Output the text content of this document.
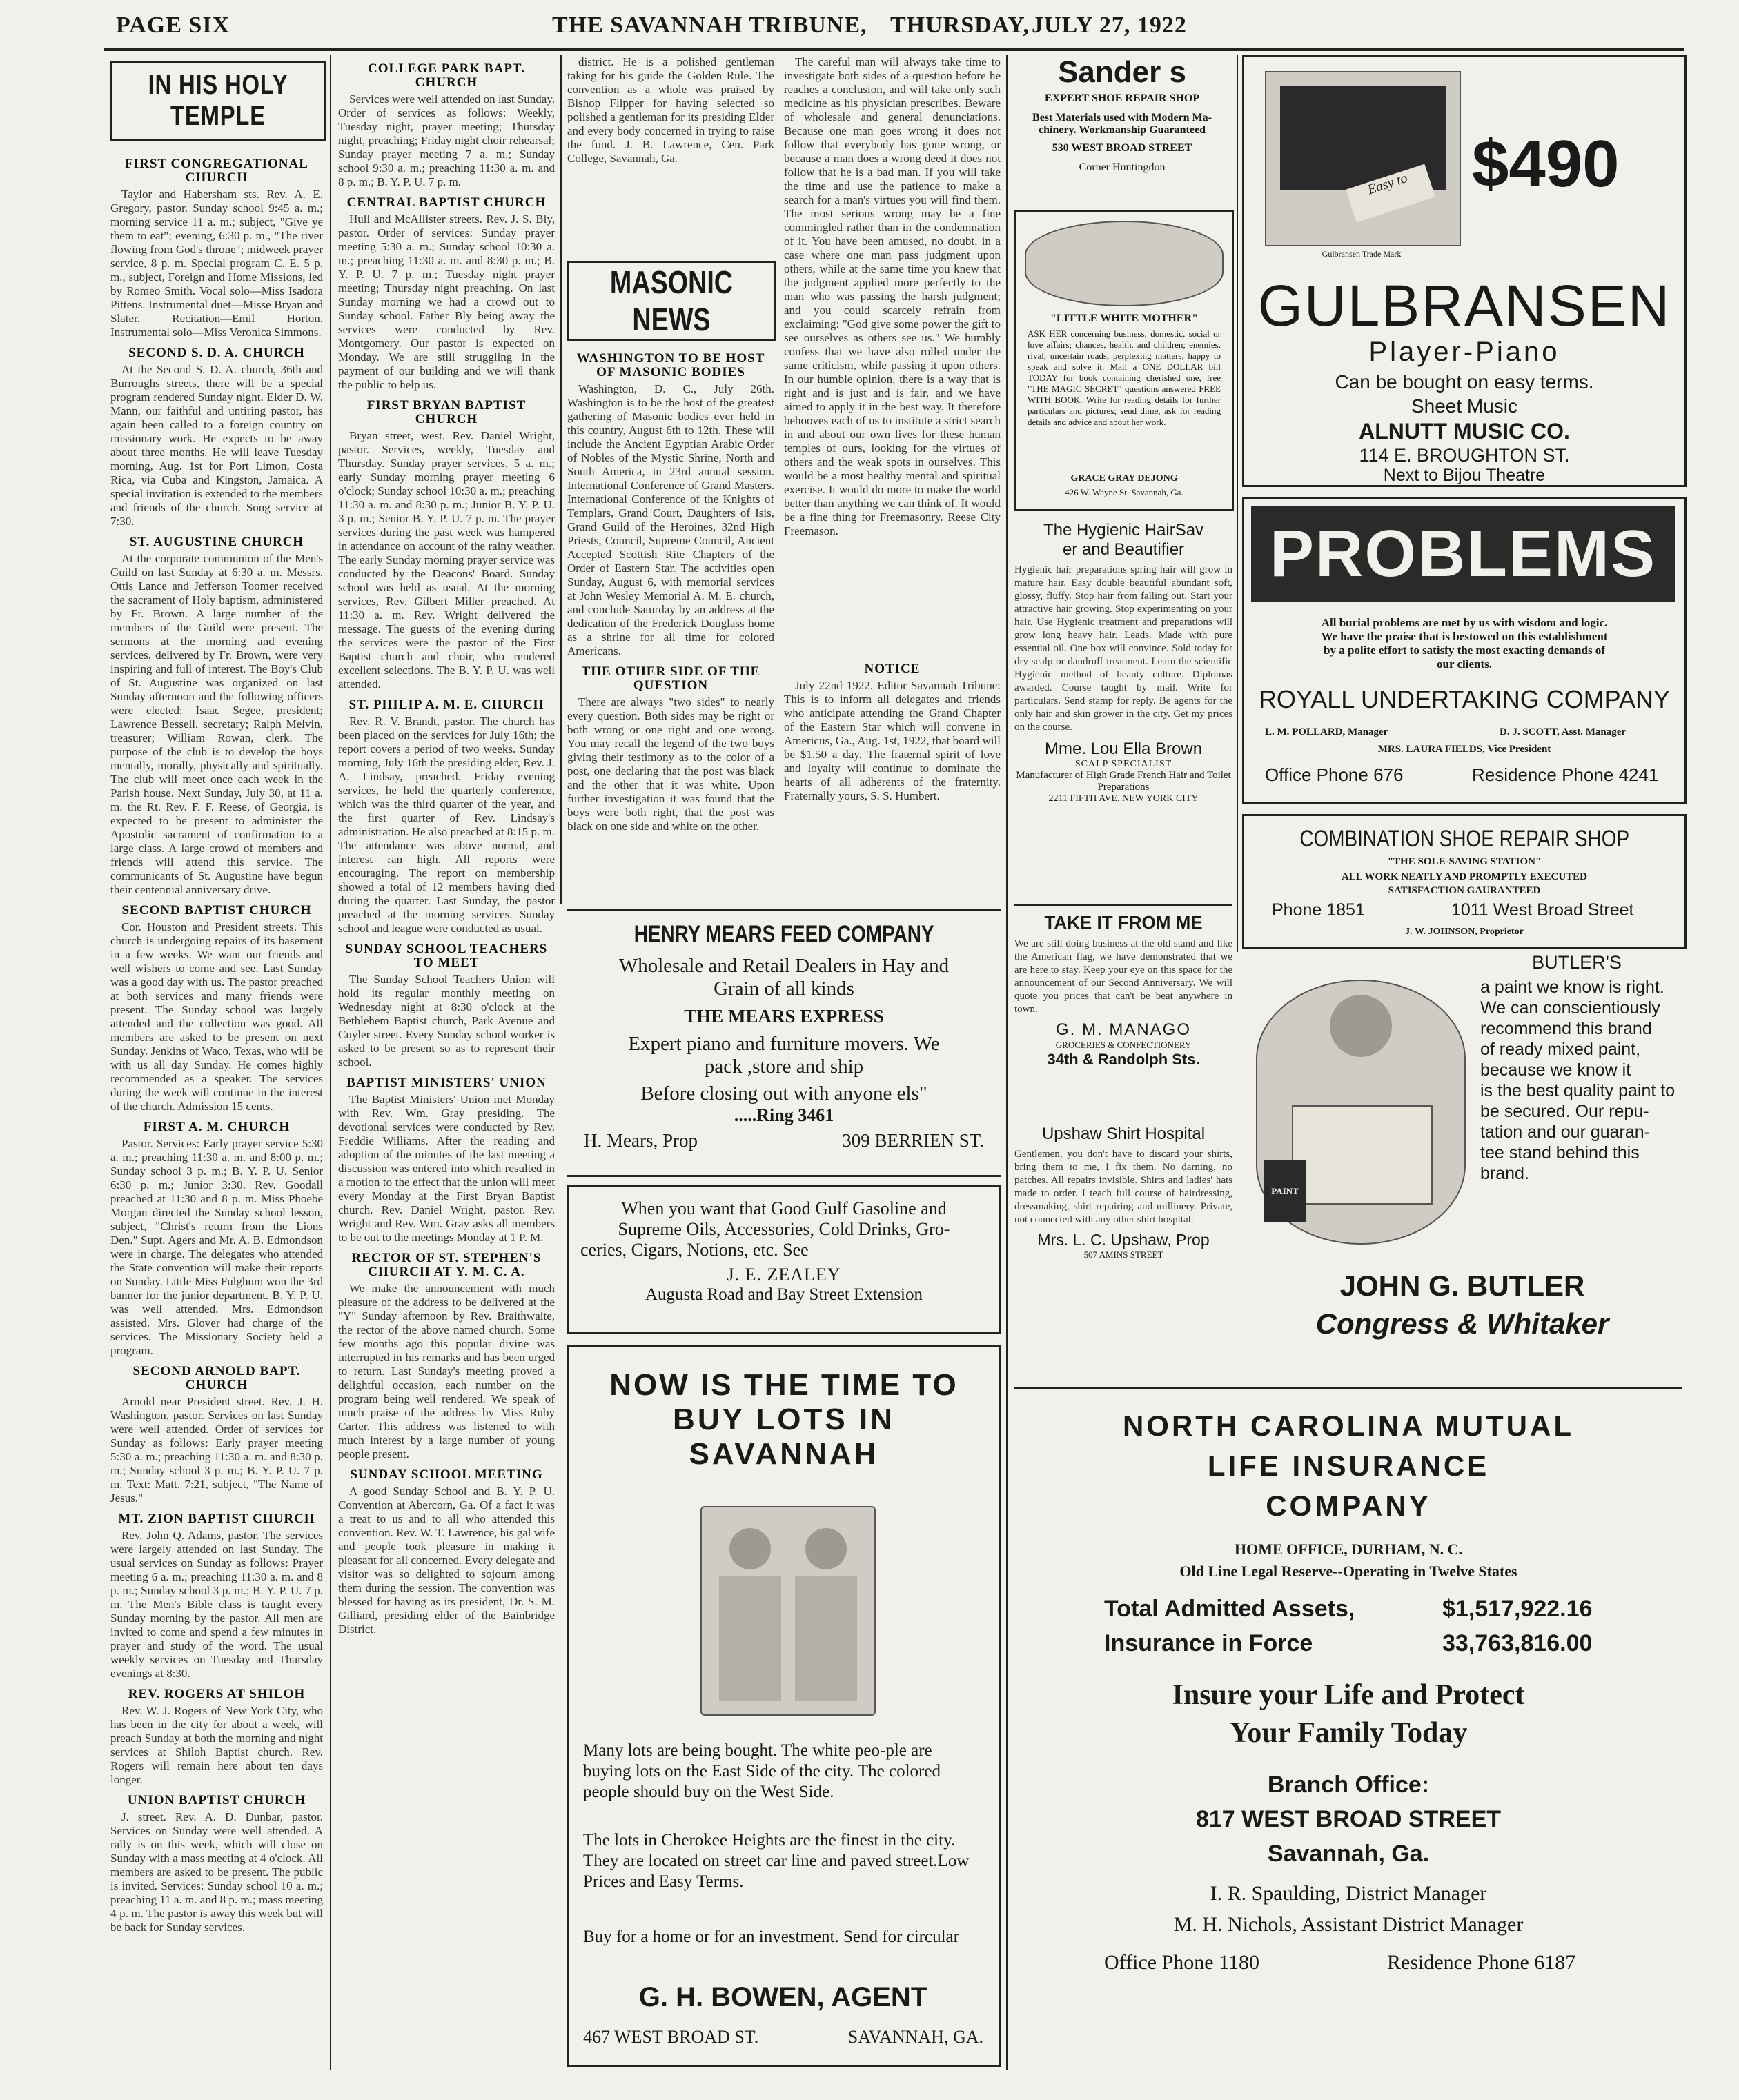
PAGE SIX	THE SAVANNAH TRIBUNE, THURSDAY, JULY 27, 1922
IN HIS HOLY TEMPLE
FIRST CONGREGATIONAL CHURCH

Taylor and Habersham sts. Rev. A. E. Gregory, pastor. Sunday school 9:45 a. m.; morning service 11 a. m.; subject, "Give ye them to eat"; evening, 6:30 p. m., "The river flowing from God's throne"; midweek prayer service, 8 p. m. Special program C. E. 5 p. m., subject, Foreign and Home Missions, led by Romeo Smith. Vocal solo—Miss Isadora Pittens. Instrumental duet—Misse Bryan and Slater. Recitation—Emil Horton. Instrumental solo—Miss Veronica Simmons.

SECOND S. D. A. CHURCH

At the Second S. D. A. church, 36th and Burroughs streets, there will be a special program rendered Sunday night. Elder D. W. Mann, our faithful and untiring pastor, has again been called to a foreign country on missionary work. He expects to be away about three months. He will leave Tuesday morning, Aug. 1st for Port Limon, Costa Rica, via Cuba and Kingston, Jamaica. A special invitation is extended to the members and friends of the church. Song service at 7:30.

ST. AUGUSTINE CHURCH

At the corporate communion of the Men's Guild on last Sunday at 6:30 a. m. Messrs. Ottis Lance and Jefferson Toomer received the sacrament of Holy baptism, administered by Fr. Brown. A large number of the members of the Guild were present. The sermons at the morning and evening services, delivered by Fr. Brown, were very inspiring and full of interest. The Boy's Club of St. Augustine was organized on last Sunday afternoon and the following officers were elected: Isaac Segee, president; Lawrence Bessell, secretary; Ralph Melvin, treasurer; William Rowan, clerk. The purpose of the club is to develop the boys mentally, morally, physically and spiritually. The club will meet once each week in the Parish house. Next Sunday, July 30, at 11 a. m. the Rt. Rev. F. F. Reese, of Georgia, is expected to be present to administer the Apostolic sacrament of confirmation to a large class. A large crowd of members and friends will attend this service. The communicants of St. Augustine have begun their centennial anniversary drive.

SECOND BAPTIST CHURCH

Cor. Houston and President streets. This church is undergoing repairs of its basement in a few weeks. We want our friends and well wishers to come and see. Last Sunday was a good day with us. The pastor preached at both services and many friends were present. The Sunday school was largely attended and the collection was good. All members are asked to be present on next Sunday. Jenkins of Waco, Texas, who will be with us all day Sunday. He comes highly recommended as a speaker. The services during the week will continue in the interest of the church. Admission 15 cents.

FIRST A. M. CHURCH

Pastor. Services: Early prayer service 5:30 a. m.; preaching 11:30 a. m. and 8:00 p. m.; Sunday school 3 p. m.; B. Y. P. U. Senior 6:30 p. m.; Junior 3:30. Rev. Goodall preached at 11:30 and 8 p. m. Miss Phoebe Morgan directed the Sunday school lesson, subject, "Christ's return from the Lions Den." Supt. Agers and Mr. A. B. Edmondson were in charge. The delegates who attended the State convention will make their reports on Sunday. Little Miss Fulghum won the 3rd banner for the junior department. B. Y. P. U. was well attended. Mrs. Edmondson assisted. Mrs. Glover had charge of the services. The Missionary Society held a program.

SECOND ARNOLD BAPT. CHURCH

Arnold near President street. Rev. J. H. Washington, pastor. Services on last Sunday were well attended. Order of services for Sunday as follows: Early prayer meeting 5:30 a. m.; preaching 11:30 a. m. and 8:30 p. m.; Sunday school 3 p. m.; B. Y. P. U. 7 p. m. Text: Matt. 7:21, subject, "The Name of Jesus."

MT. ZION BAPTIST CHURCH

Rev. John Q. Adams, pastor. The services were largely attended on last Sunday. The usual services on Sunday as follows: Prayer meeting 6 a. m.; preaching 11:30 a. m. and 8 p. m.; Sunday school 3 p. m.; B. Y. P. U. 7 p. m. The Men's Bible class is taught every Sunday morning by the pastor. All men are invited to come and spend a few minutes in prayer and study of the word. The usual weekly services on Tuesday and Thursday evenings at 8:30.

REV. ROGERS AT SHILOH

Rev. W. J. Rogers of New York City, who has been in the city for about a week, will preach Sunday at both the morning and night services at Shiloh Baptist church. Rev. Rogers will remain here about ten days longer.

UNION BAPTIST CHURCH

J. street. Rev. A. D. Dunbar, pastor. Services on Sunday were well attended. A rally is on this week, which will close on Sunday with a mass meeting at 4 o'clock. All members are asked to be present. The public is invited. Services: Sunday school 10 a. m.; preaching 11 a. m. and 8 p. m.; mass meeting 4 p. m. The pastor is away this week but will be back for Sunday services.

COLLEGE PARK BAPT. CHURCH

Services were well attended on last Sunday. Order of services as follows: Weekly, Tuesday night, prayer meeting; Thursday night, preaching; Friday night choir rehearsal; Sunday prayer meeting 7 a. m.; Sunday school 9:30 a. m.; preaching 11:30 a. m. and 8 p. m.; B. Y. P. U. 7 p. m.

CENTRAL BAPTIST CHURCH

Hull and McAllister streets. Rev. J. S. Bly, pastor. Order of services: Sunday prayer meeting 5:30 a. m.; Sunday school 10:30 a. m.; preaching 11:30 a. m. and 8:30 p. m.; B. Y. P. U. 7 p. m.; Tuesday night prayer meeting; Thursday night preaching. On last Sunday morning we had a crowd out to Sunday school. Father Bly being away the services were conducted by Rev. Montgomery. Our pastor is expected on Monday. We are still struggling in the payment of our building and we will thank the public to help us.

FIRST BRYAN BAPTIST CHURCH

Bryan street, west. Rev. Daniel Wright, pastor. Services, weekly, Tuesday and Thursday. Sunday prayer services, 5 a. m.; early Sunday morning prayer meeting 6 o'clock; Sunday school 10:30 a. m.; preaching 11:30 a. m. and 8:30 p. m.; Junior B. Y. P. U. 3 p. m.; Senior B. Y. P. U. 7 p. m. The prayer services during the past week was hampered in attendance on account of the rainy weather. The early Sunday morning prayer service was conducted by the Deacons' Board. Sunday school was held as usual. At the morning services, Rev. Gilbert Miller preached. At 11:30 a. m. Rev. Wright delivered the message. The guests of the evening during the services were the pastor of the First Baptist church and choir, who rendered excellent selections. The B. Y. P. U. was well attended.

ST. PHILIP A. M. E. CHURCH

Rev. R. V. Brandt, pastor. The church has been placed on the services for July 16th; the report covers a period of two weeks. Sunday morning, July 16th the presiding elder, Rev. J. A. Lindsay, preached. Friday evening services, he held the quarterly conference, which was the third quarter of the year, and the first quarter of Rev. Lindsay's administration. He also preached at 8:15 p. m. The attendance was above normal, and interest ran high. All reports were encouraging. The report on membership showed a total of 12 members having died during the quarter. Last Sunday, the pastor preached at the morning services. Sunday school and league were conducted as usual.

SUNDAY SCHOOL TEACHERS TO MEET

The Sunday School Teachers Union will hold its regular monthly meeting on Wednesday night at 8:30 o'clock at the Bethlehem Baptist church, Park Avenue and Cuyler street. Every Sunday school worker is asked to be present so as to represent their school.

BAPTIST MINISTERS' UNION

The Baptist Ministers' Union met Monday with Rev. Wm. Gray presiding. The devotional services were conducted by Rev. Freddie Williams. After the reading and adoption of the minutes of the last meeting a discussion was entered into which resulted in a motion to the effect that the union will meet every Monday at the First Bryan Baptist church. Rev. Daniel Wright, pastor. Rev. Wright and Rev. Wm. Gray asks all members to be out to the meetings Monday at 1 P. M.

RECTOR OF ST. STEPHEN'S CHURCH AT Y. M. C. A.

We make the announcement with much pleasure of the address to be delivered at the "Y" Sunday afternoon by Rev. Braithwaite, the rector of the above named church. Some few months ago this popular divine was interrupted in his remarks and has been urged to return. Last Sunday's meeting proved a delightful occasion, each number on the program being well rendered. We speak of much praise of the address by Miss Ruby Carter. This address was listened to with much interest by a large number of young people present.

SUNDAY SCHOOL MEETING

A good Sunday School and B. Y. P. U. Convention at Abercorn, Ga. Of a fact it was a treat to us and to all who attended this convention. Rev. W. T. Lawrence, his gal wife and people took pleasure in making it pleasant for all concerned. Every delegate and visitor was so delighted to sojourn among them during the session. The convention was blessed for having as its president, Dr. S. M. Gilliard, presiding elder of the Bainbridge District.

district. He is a polished gentleman taking for his guide the Golden Rule. The convention as a whole was praised by Bishop Flipper for having selected so polished a gentleman for its presiding Elder and every body concerned in trying to raise the fund. J. B. Lawrence, Cen. Park College, Savannah, Ga.

MASONIC NEWS
WASHINGTON TO BE HOST OF MASONIC BODIES

Washington, D. C., July 26th. Washington is to be the host of the greatest gathering of Masonic bodies ever held in this country, August 6th to 12th. These will include the Ancient Egyptian Arabic Order of Nobles of the Mystic Shrine, North and South America, in 23rd annual session. International Conference of Grand Masters. International Conference of the Knights of Templars, Grand Court, Daughters of Isis, Grand Guild of the Heroines, 32nd High Priests, Council, Supreme Council, Ancient Accepted Scottish Rite Chapters of the Order of Eastern Star. The activities open Sunday, August 6, with memorial services at John Wesley Memorial A. M. E. church, and conclude Saturday by an address at the dedication of the Frederick Douglass home as a shrine for all time for colored Americans.

THE OTHER SIDE OF THE QUESTION

There are always "two sides" to nearly every question. Both sides may be right or both wrong or one right and one wrong. You may recall the legend of the two boys giving their testimony as to the color of a post, one declaring that the post was black and the other that it was white. Upon further investigation it was found that the boys were both right, that the post was black on one side and white on the other.

The careful man will always take time to investigate both sides of a question before he reaches a conclusion, and will take only such medicine as his physician prescribes. Beware of wholesale and general denunciations. Because one man goes wrong it does not follow that everybody has gone wrong, or because a man does a wrong deed it does not follow that he is a bad man. If you will take the time and use the patience to make a search for a man's virtues you will find them. The most serious wrong may be a fine commingled rather than in the condemnation of it. You have been amused, no doubt, in a case where one man pass judgment upon others, while at the same time you knew that the judgment applied more perfectly to the man who was passing the harsh judgment; and you could scarcely refrain from exclaiming: "God give some power the gift to see ourselves as others see us." We humbly confess that we have also rolled under the same criticism, while passing it upon others. In our humble opinion, there is a way that is right and is just and is fair, and we have aimed to apply it in the best way. It therefore behooves each of us to institute a strict search in and about our own lives for these human temples of ours, looking for the virtues of others and the weak spots in ourselves. This would be a most healthy mental and spiritual exercise. It would do more to make the world better than anything we can think of. It would be a fine thing for Freemasonry. Reese City Freemason.

NOTICE

July 22nd 1922. Editor Savannah Tribune: This is to inform all delegates and friends who anticipate attending the Grand Chapter of the Eastern Star which will convene in Americus, Ga., Aug. 1st, 1922, that board will be $1.50 a day. The fraternal spirit of love and loyalty will continue to dominate the hearts of all adherents of the fraternity. Fraternally yours, S. S. Humbert.

HENRY MEARS FEED COMPANY
Wholesale and Retail Dealers in Hay and
Grain of all kinds
THE MEARS EXPRESS
Expert piano and furniture movers. We
pack ,store and ship
Before closing out with anyone els"
.....Ring 3461
H. Mears, Prop	309 BERRIEN ST.
When you want that Good Gulf Gasoline and
Supreme Oils, Accessories, Cold Drinks, Gro-
ceries, Cigars, Notions, etc. See
J. E. ZEALEY
Augusta Road and Bay Street Extension
NOW IS THE TIME TO
BUY LOTS IN
SAVANNAH
Many lots are being bought. The white peo-ple are buying lots on the East Side of the city. The colored people should buy on the West Side.
The lots in Cherokee Heights are the finest in the city. They are located on street car line and paved street.Low Prices and Easy Terms.
Buy for a home or for an investment. Send for circular
G. H. BOWEN, AGENT
467 WEST BROAD ST.	SAVANNAH, GA.
Sander s
EXPERT SHOE REPAIR SHOP
Best Materials used with Modern Ma-
chinery. Workmanship Guaranteed
530 WEST BROAD STREET
Corner Huntingdon
"LITTLE WHITE MOTHER"
ASK HER concerning business, domestic, social or love affairs; chances, health, and children; enemies, rival, uncertain roads, perplexing matters, happy to speak and solve it. Mail a ONE DOLLAR bill TODAY for book containing cherished one, free "THE MAGIC SECRET" questions answered FREE WITH BOOK. Write for reading details for further particulars and pictures; send dime, ask for reading details and advice and about her work.
GRACE GRAY DEJONG
426 W. Wayne St. Savannah, Ga.
The Hygienic HairSav
er and Beautifier
Hygienic hair preparations spring hair will grow in mature hair. Easy double beautiful abundant soft, glossy, fluffy. Stop hair from falling out. Start your attractive hair growing. Stop experimenting on your hair. Use Hygienic treatment and preparations will grow long heavy hair. Leads. Made with pure essential oil. One box will convince. Sold today for dry scalp or dandruff treatment. Learn the scientific Hygienic method of beauty culture. Diplomas awarded. Course taught by mail. Write for particulars. Send stamp for reply. Be agents for the only hair and skin grower in the city. Get my prices on the course.
Mme. Lou Ella Brown
SCALP SPECIALIST
Manufacturer of High Grade French Hair and Toilet Preparations
2211 FIFTH AVE. NEW YORK CITY
TAKE IT FROM ME
We are still doing business at the old stand and like the American flag, we have demonstrated that we are here to stay. Keep your eye on this space for the announcement of our Second Anniversary. We will quote you prices that can't be beat anywhere in town.
G. M. MANAGO
GROCERIES & CONFECTIONERY
34th & Randolph Sts.
Upshaw Shirt Hospital
Gentlemen, you don't have to discard your shirts, bring them to me, I fix them. No darning, no patches. All repairs invisible. Shirts and ladies' hats made to order. I teach full course of hairdressing, dressmaking, shirt repairing and millinery. Private, not connected with any other shirt hospital.
Mrs. L. C. Upshaw, Prop
507 AMINS STREET
Easy to
Gulbransen Trade Mark
$490
GULBRANSEN
Player-Piano
Can be bought on easy terms.
Sheet Music
ALNUTT MUSIC CO.
114 E. BROUGHTON ST.
Next to Bijou Theatre
PROBLEMS
All burial problems are met by us with wisdom and logic.
We have the praise that is bestowed on this establishment
by a polite effort to satisfy the most exacting demands of
our clients.
ROYALL UNDERTAKING COMPANY
L. M. POLLARD, Manager	D. J. SCOTT, Asst. Manager
MRS. LAURA FIELDS, Vice President
Office Phone 676	Residence Phone 4241
COMBINATION SHOE REPAIR SHOP
"THE SOLE-SAVING STATION"
ALL WORK NEATLY AND PROMPTLY EXECUTED
SATISFACTION GAURANTEED
Phone 1851	1011 West Broad Street
J. W. JOHNSON, Proprietor
PAINT
BUTLER'S
a paint we know is right.
We can conscientiously
recommend this brand
of ready mixed paint,
because we know it
is the best quality paint to
be secured. Our repu-
tation and our guaran-
tee stand behind this
brand.
JOHN G. BUTLER
Congress & Whitaker
NORTH CAROLINA MUTUAL
LIFE INSURANCE
COMPANY
HOME OFFICE, DURHAM, N. C.
Old Line Legal Reserve--Operating in Twelve States
Total Admitted Assets,	$1,517,922.16
Insurance in Force	33,763,816.00
Insure your Life and Protect
Your Family Today
Branch Office:
817 WEST BROAD STREET
Savannah, Ga.
I. R. Spaulding, District Manager
M. H. Nichols, Assistant District Manager
Office Phone 1180	Residence Phone 6187
